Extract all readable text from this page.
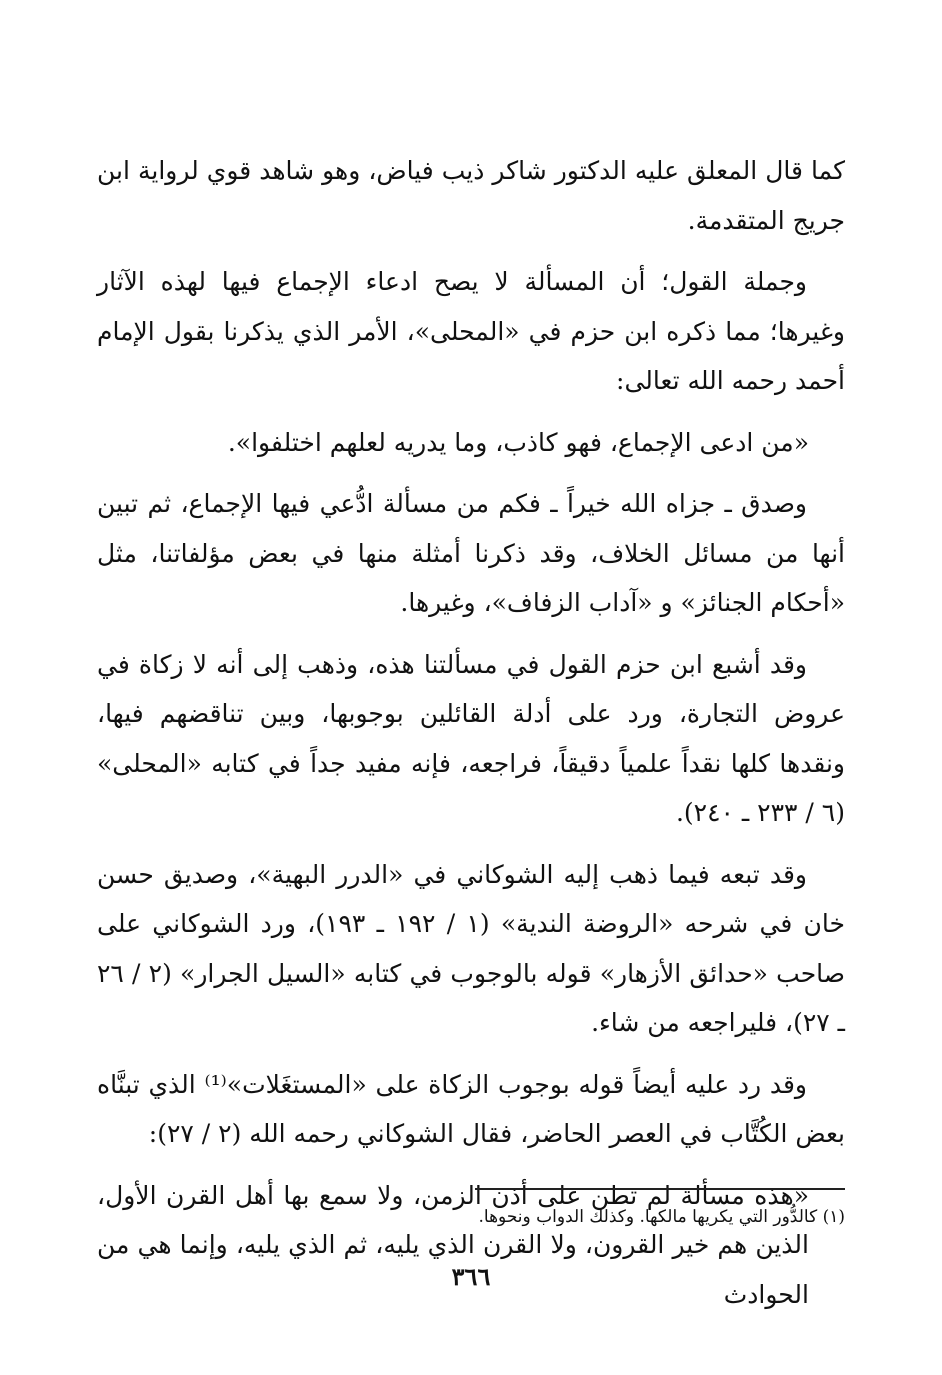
كما قال المعلق عليه الدكتور شاكر ذيب فياض، وهو شاهد قوي لرواية ابن جريج المتقدمة.

وجملة القول؛ أن المسألة لا يصح ادعاء الإجماع فيها لهذه الآثار وغيرها؛ مما ذكره ابن حزم في «المحلى»، الأمر الذي يذكرنا بقول الإمام أحمد رحمه الله تعالى:

«من ادعى الإجماع، فهو كاذب، وما يدريه لعلهم اختلفوا».

وصدق ـ جزاه الله خيراً ـ فكم من مسألة ادُّعي فيها الإجماع، ثم تبين أنها من مسائل الخلاف، وقد ذكرنا أمثلة منها في بعض مؤلفاتنا، مثل «أحكام الجنائز» و «آداب الزفاف»، وغيرها.

وقد أشبع ابن حزم القول في مسألتنا هذه، وذهب إلى أنه لا زكاة في عروض التجارة، ورد على أدلة القائلين بوجوبها، وبين تناقضهم فيها، ونقدها كلها نقداً علمياً دقيقاً، فراجعه، فإنه مفيد جداً في كتابه «المحلى» (٦ / ٢٣٣ ـ ٢٤٠).

وقد تبعه فيما ذهب إليه الشوكاني في «الدرر البهية»، وصديق حسن خان في شرحه «الروضة الندية» (١ / ١٩٢ ـ ١٩٣)، ورد الشوكاني على صاحب «حدائق الأزهار» قوله بالوجوب في كتابه «السيل الجرار» (٢ / ٢٦ ـ ٢٧)، فليراجعه من شاء.

وقد رد عليه أيضاً قوله بوجوب الزكاة على «المستغَلات»⁽¹⁾ الذي تبنَّاه بعض الكُتَّاب في العصر الحاضر، فقال الشوكاني رحمه الله (٢ / ٢٧):

«هذه مسألة لم تطن على أذن الزمن، ولا سمع بها أهل القرن الأول، الذين هم خير القرون، ولا القرن الذي يليه، ثم الذي يليه، وإنما هي من الحوادث

(١) كالدُّور التي يكريها مالكها. وكذلك الدواب ونحوها.
٣٦٦
